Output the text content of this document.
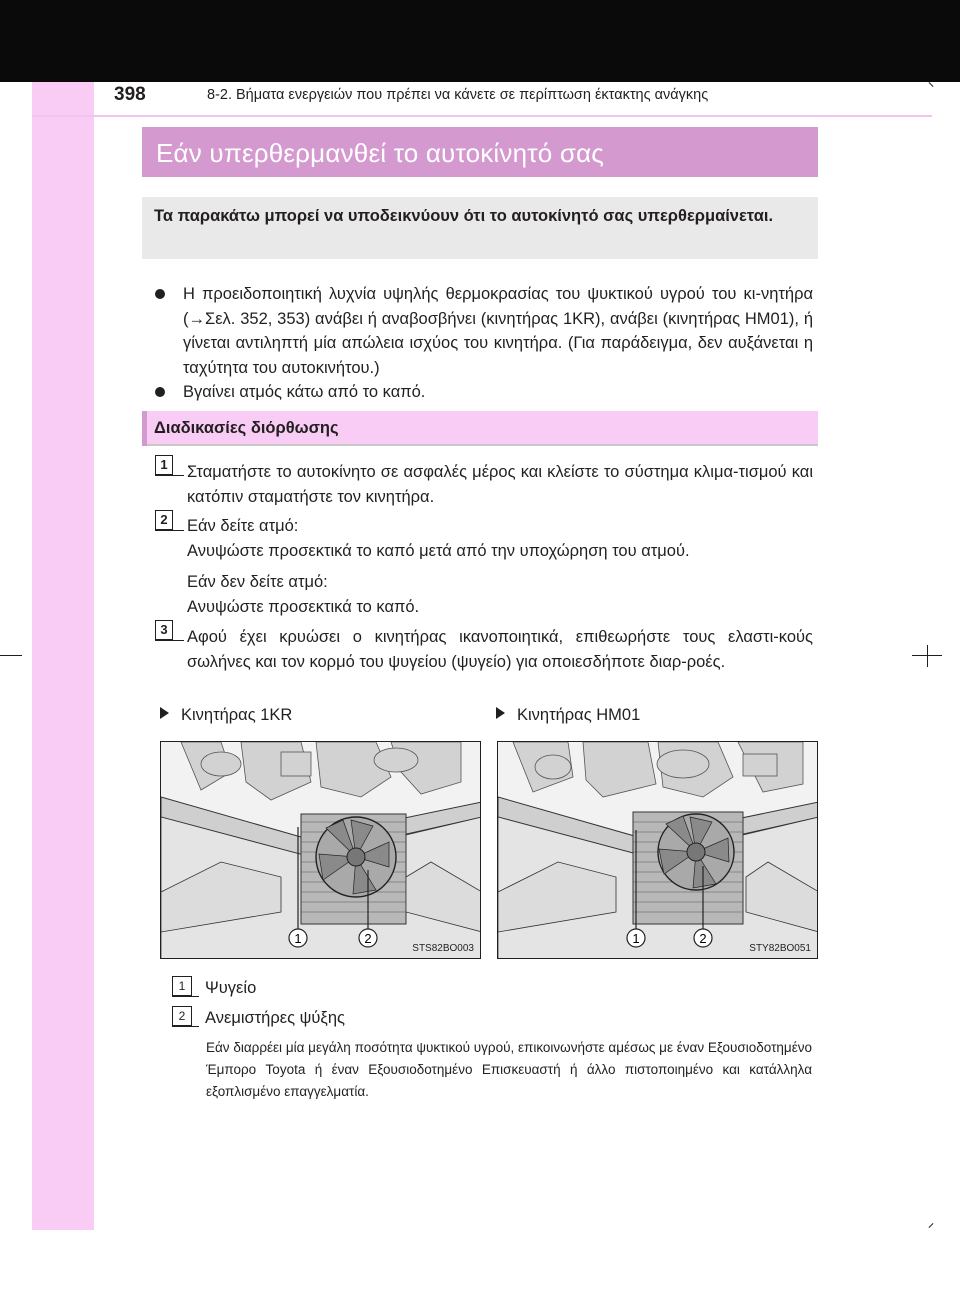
398	8-2. Βήματα ενεργειών που πρέπει να κάνετε σε περίπτωση έκτακτης ανάγκης
Εάν υπερθερμανθεί το αυτοκίνητό σας
Τα παρακάτω μπορεί να υποδεικνύουν ότι το αυτοκίνητό σας υπερθερμαίνεται.
Η προειδοποιητική λυχνία υψηλής θερμοκρασίας του ψυκτικού υγρού του κι-νητήρα (→Σελ. 352, 353) ανάβει ή αναβοσβήνει (κινητήρας 1KR), ανάβει (κινητήρας HM01), ή γίνεται αντιληπτή μία απώλεια ισχύος του κινητήρα. (Για παράδειγμα, δεν αυξάνεται η ταχύτητα του αυτοκινήτου.)
Βγαίνει ατμός κάτω από το καπό.
Διαδικασίες διόρθωσης
1	Σταματήστε το αυτοκίνητο σε ασφαλές μέρος και κλείστε το σύστημα κλιμα-τισμού και κατόπιν σταματήστε τον κινητήρα.
2	Εάν δείτε ατμό:
Ανυψώστε προσεκτικά το καπό μετά από την υποχώρηση του ατμού.
Εάν δεν δείτε ατμό:
Ανυψώστε προσεκτικά το καπό.
3	Αφού έχει κρυώσει ο κινητήρας ικανοποιητικά, επιθεωρήστε τους ελαστι-κούς σωλήνες και τον κορμό του ψυγείου (ψυγείο) για οποιεσδήποτε διαρ-ροές.
Κινητήρας 1KR	Κινητήρας HM01
1	2
STS82BO003
1	2
STY82BO051
1	Ψυγείο
2	Ανεμιστήρες ψύξης
Εάν διαρρέει μία μεγάλη ποσότητα ψυκτικού υγρού, επικοινωνήστε αμέσως με έναν Εξουσιοδοτημένο Έμπορο Toyota ή έναν Εξουσιοδοτημένο Επισκευαστή ή άλλο πιστοποιημένο και κατάλληλα εξοπλισμένο επαγγελματία.
